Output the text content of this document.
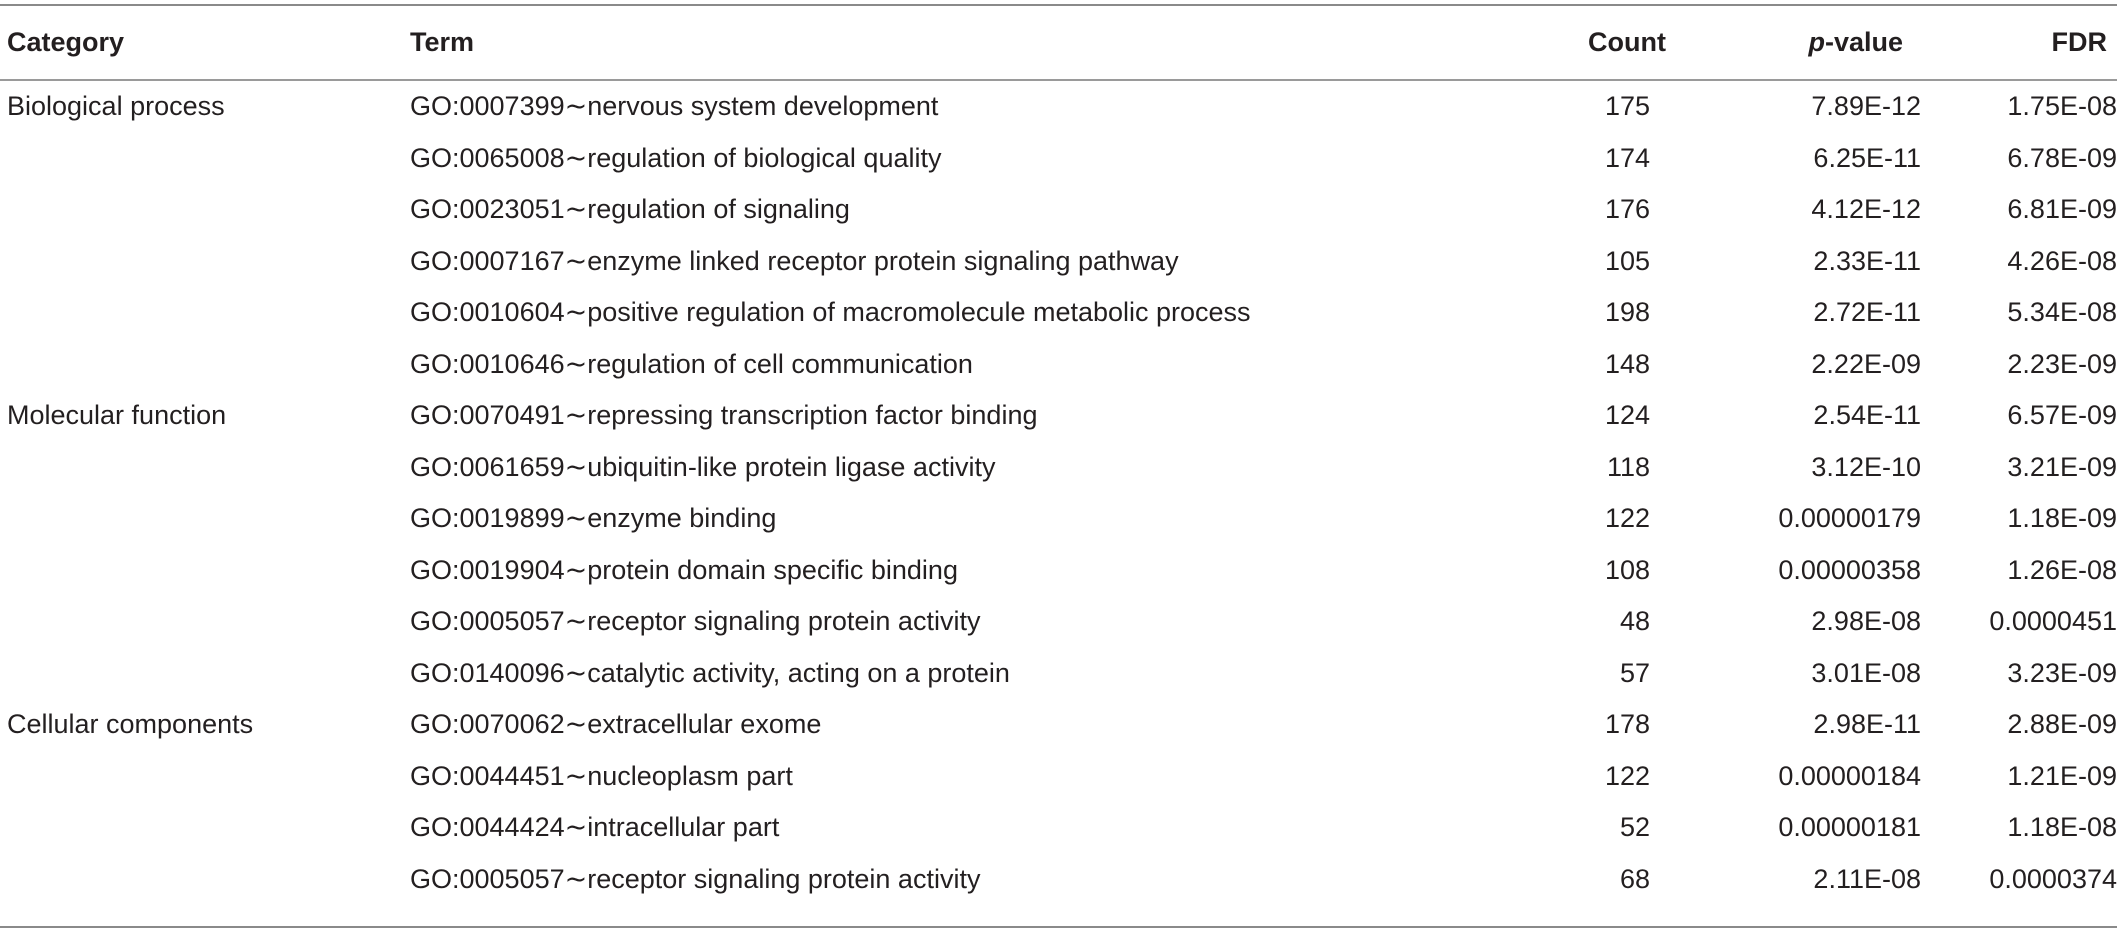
Category	Term	Count	p-value	FDR
Biological process	GO:0007399∼nervous system development	175	7.89E-12	1.75E-08
	GO:0065008∼regulation of biological quality	174	6.25E-11	6.78E-09
	GO:0023051∼regulation of signaling	176	4.12E-12	6.81E-09
	GO:0007167∼enzyme linked receptor protein signaling pathway	105	2.33E-11	4.26E-08
	GO:0010604∼positive regulation of macromolecule metabolic process	198	2.72E-11	5.34E-08
	GO:0010646∼regulation of cell communication	148	2.22E-09	2.23E-09
Molecular function	GO:0070491∼repressing transcription factor binding	124	2.54E-11	6.57E-09
	GO:0061659∼ubiquitin-like protein ligase activity	118	3.12E-10	3.21E-09
	GO:0019899∼enzyme binding	122	0.00000179	1.18E-09
	GO:0019904∼protein domain specific binding	108	0.00000358	1.26E-08
	GO:0005057∼receptor signaling protein activity	48	2.98E-08	0.0000451
	GO:0140096∼catalytic activity, acting on a protein	57	3.01E-08	3.23E-09
Cellular components	GO:0070062∼extracellular exome	178	2.98E-11	2.88E-09
	GO:0044451∼nucleoplasm part	122	0.00000184	1.21E-09
	GO:0044424∼intracellular part	52	0.00000181	1.18E-08
	GO:0005057∼receptor signaling protein activity	68	2.11E-08	0.0000374
